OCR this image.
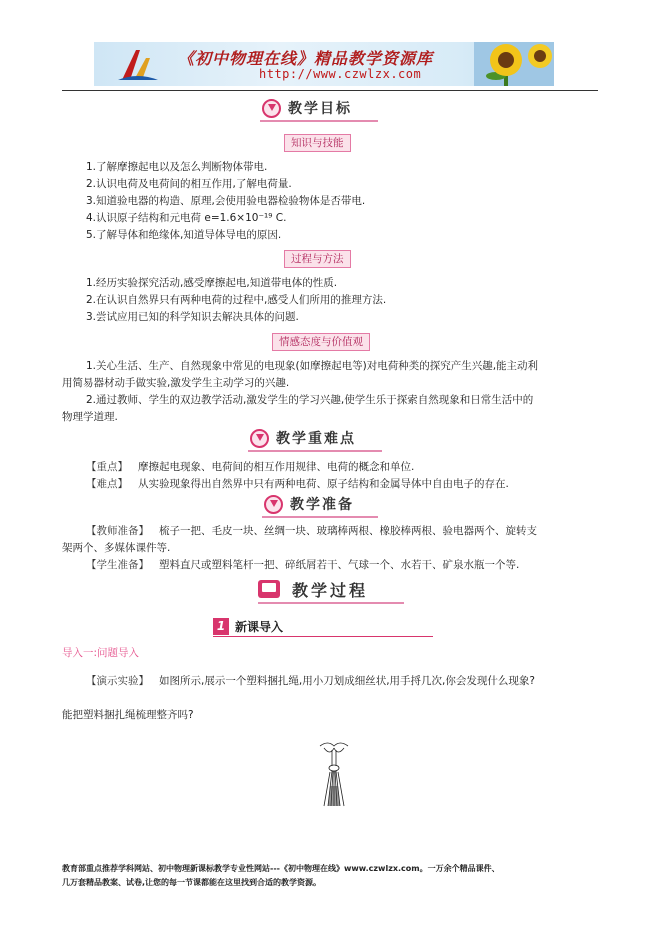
《初中物理在线》精品教学资源库
http://www.czwlzx.com
教学目标
知识与技能
1.了解摩擦起电以及怎么判断物体带电.
2.认识电荷及电荷间的相互作用,了解电荷量.
3.知道验电器的构造、原理,会使用验电器检验物体是否带电.
4.认识原子结构和元电荷 e=1.6×10⁻¹⁹ C.
5.了解导体和绝缘体,知道导体导电的原因.
过程与方法
1.经历实验探究活动,感受摩擦起电,知道带电体的性质.
2.在认识自然界只有两种电荷的过程中,感受人们所用的推理方法.
3.尝试应用已知的科学知识去解决具体的问题.
情感态度与价值观
1.关心生活、生产、自然现象中常见的电现象(如摩擦起电等)对电荷种类的探究产生兴趣,能主动利
用简易器材动手做实验,激发学生主动学习的兴趣.
2.通过教师、学生的双边教学活动,激发学生的学习兴趣,使学生乐于探索自然现象和日常生活中的
物理学道理.
教学重难点
【重点】 摩擦起电现象、电荷间的相互作用规律、电荷的概念和单位.
【难点】 从实验现象得出自然界中只有两种电荷、原子结构和金属导体中自由电子的存在.
教学准备
【教师准备】 梳子一把、毛皮一块、丝绸一块、玻璃棒两根、橡胶棒两根、验电器两个、旋转支
架两个、多媒体课件等.
【学生准备】 塑料直尺或塑料笔杆一把、碎纸屑若干、气球一个、水若干、矿泉水瓶一个等.
教学过程
1 新课导入
导入一:问题导入
【演示实验】 如图所示,展示一个塑料捆扎绳,用小刀划成细丝状,用手捋几次,你会发现什么现象?
能把塑料捆扎绳梳理整齐吗?
教育部重点推荐学科网站、初中物理新课标教学专业性网站---《初中物理在线》www.czwlzx.com。一万余个精品课件、
几万套精品教案、试卷,让您的每一节课都能在这里找到合适的教学资源。
